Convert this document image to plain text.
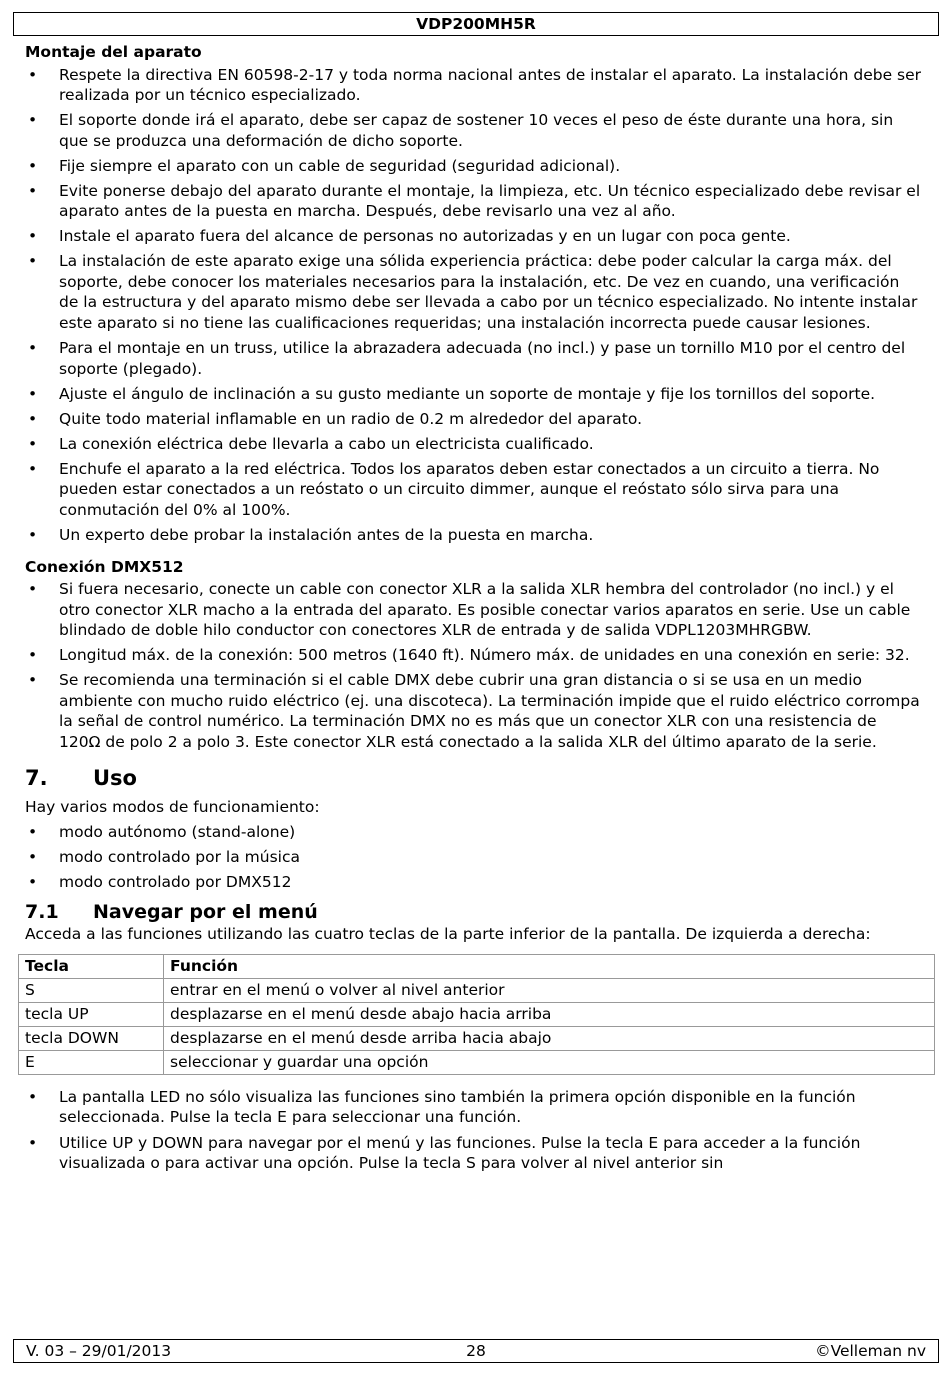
VDP200MH5R
Montaje del aparato
• Respete la directiva EN 60598-2-17 y toda norma nacional antes de instalar el aparato. La instalación debe ser realizada por un técnico especializado.
• El soporte donde irá el aparato, debe ser capaz de sostener 10 veces el peso de éste durante una hora, sin que se produzca una deformación de dicho soporte.
• Fije siempre el aparato con un cable de seguridad (seguridad adicional).
• Evite ponerse debajo del aparato durante el montaje, la limpieza, etc. Un técnico especializado debe revisar el aparato antes de la puesta en marcha. Después, debe revisarlo una vez al año.
• Instale el aparato fuera del alcance de personas no autorizadas y en un lugar con poca gente.
• La instalación de este aparato exige una sólida experiencia práctica: debe poder calcular la carga máx. del soporte, debe conocer los materiales necesarios para la instalación, etc. De vez en cuando, una verificación de la estructura y del aparato mismo debe ser llevada a cabo por un técnico especializado. No intente instalar este aparato si no tiene las cualificaciones requeridas; una instalación incorrecta puede causar lesiones.
• Para el montaje en un truss, utilice la abrazadera adecuada (no incl.) y pase un tornillo M10 por el centro del soporte (plegado).
• Ajuste el ángulo de inclinación a su gusto mediante un soporte de montaje y fije los tornillos del soporte.
• Quite todo material inflamable en un radio de 0.2 m alrededor del aparato.
• La conexión eléctrica debe llevarla a cabo un electricista cualificado.
• Enchufe el aparato a la red eléctrica. Todos los aparatos deben estar conectados a un circuito a tierra. No pueden estar conectados a un reóstato o un circuito dimmer, aunque el reóstato sólo sirva para una conmutación del 0% al 100%.
• Un experto debe probar la instalación antes de la puesta en marcha.
Conexión DMX512
• Si fuera necesario, conecte un cable con conector XLR a la salida XLR hembra del controlador (no incl.) y el otro conector XLR macho a la entrada del aparato. Es posible conectar varios aparatos en serie. Use un cable blindado de doble hilo conductor con conectores XLR de entrada y de salida VDPL1203MHRGBW.
• Longitud máx. de la conexión: 500 metros (1640 ft). Número máx. de unidades en una conexión en serie: 32.
• Se recomienda una terminación si el cable DMX debe cubrir una gran distancia o si se usa en un medio ambiente con mucho ruido eléctrico (ej. una discoteca). La terminación impide que el ruido eléctrico corrompa la señal de control numérico. La terminación DMX no es más que un conector XLR con una resistencia de 120Ω de polo 2 a polo 3. Este conector XLR está conectado a la salida XLR del último aparato de la serie.
7. Uso

Hay varios modos de funcionamiento:

• modo autónomo (stand-alone)
• modo controlado por la música
• modo controlado por DMX512
7.1 Navegar por el menú

Acceda a las funciones utilizando las cuatro teclas de la parte inferior de la pantalla. De izquierda a derecha:

Tecla	Función
S	entrar en el menú o volver al nivel anterior
tecla UP	desplazarse en el menú desde abajo hacia arriba
tecla DOWN	desplazarse en el menú desde arriba hacia abajo
E	seleccionar y guardar una opción
• La pantalla LED no sólo visualiza las funciones sino también la primera opción disponible en la función seleccionada. Pulse la tecla E para seleccionar una función.
• Utilice UP y DOWN para navegar por el menú y las funciones. Pulse la tecla E para acceder a la función visualizada o para activar una opción. Pulse la tecla S para volver al nivel anterior sin
V. 03 – 29/01/2013	28	©Velleman nv
